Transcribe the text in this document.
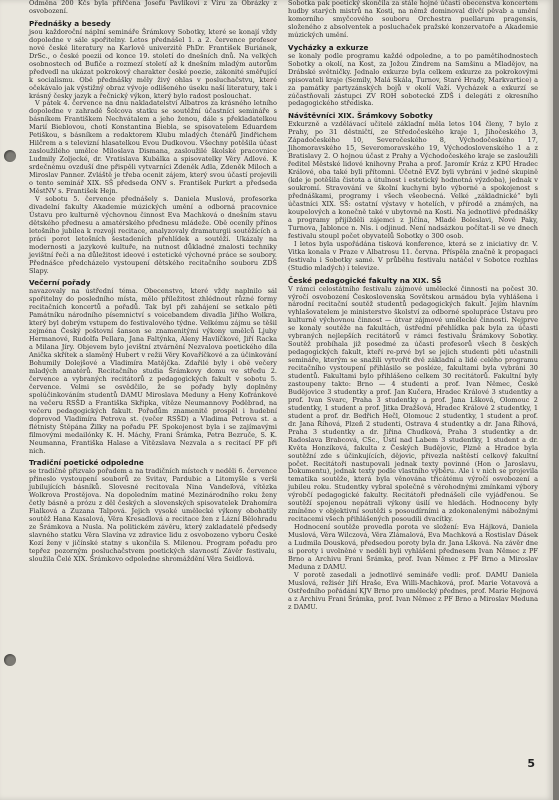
Odměna 200 Kčs byla přiřčena Josefu Pavlíkovi z Víru za Obrázky z osvobození.

Přednášky a besedy

jsou každoroční náplní semináře Šrámkovy Sobotky, které se konají vždy dopoledne v sále spořitelny. Letos přednášel 1. a 2. července profesor nové české literatury na Karlově univerzitě PhDr. František Buriánek, DrSc., o české poezii od konce 19. století do dnešních dnů. Na velkých osobnostech od Bufiče a rozmezí století až k dnešním mladým autorům předvedl na ukázat pokrokový charakter české poezie, zákonité směřující k socialismu. Obě přednášky měly živý ohlas v posluchačstvu, které očekávalo jak výstižný obraz vývoje odlišeného úseku naší literatury, tak i krásný česky jazyk a řečnický výkon, který bylo radost poslouchat.

V pátek 4. července na dnu nakladatelství Albatros za krásného letního dopoledne v zahradě Šolcova statku se soutěžní účastníci semináře s básníkem Františkem Nechvátalem a jeho ženou, dále s překladatelkou Marií Bieblovou, chotí Konstantina Biebla, se spisovatelem Eduardem Petiškou, s básníkem a redaktorem Klubu mladých čtenářů Jindřichem Hilčrem a s televizní hlasatelkou Evou Dudkovou. Všechny potěšila účast zasloužilého umělce Miloslava Dismana, zasloužilé školské pracovnice Ludmily Zoljecké, dr. Vratislava Kubálka a spisovatelky Věry Adlové. K srdečnému ovzduší dne přispěli vytvarníci Zdeněk Adla, Zdeněk Miloch a Miroslav Panner. Zvláště je třeba ocenit zájem, který svou účastí projevili o tento seminář XIX. SŠ předseda ONV s. František Purkrt a předseda MěstNV s. František Hejn.

V sobotu 5. července přednášely s. Daniela Muslová, profesorka divadelní fakulty Akademie múzických umění a odborná pracovnice Ústavu pro kulturně výchovnou činnost Eva Machková o dnešním stavu dětského přednesu a amatérského přednesu mládeže. Obě oceníly přínos letošního jubilea k rozvoji recitace, analyzovaly dramaturgii soutěžících a práci porot letošních šestadeních přehlídek a soutěží. Ukázaly na modernosti a jazykové kultuře, na nutnost důkladné znalosti techniky jevištní řeči a na důležitost ideové i estetické výchovné práce se soubory. Přednášce předcházelo vystoupení dětského recitačního souboru ZDŠ Slapy.

Večerní pořady

navazovaly na ústřední téma. Obecenstvo, které vždy naplnilo sál spořitelny do posledního místa, mělo příležitost zhlédnout různé formy recitačních koncertů a pořadů. Tak byl při zahájení se setkalo pěti Památníku národního písemnictví s voicebandem divadla Jiřího Wolkra, který byl dobrým vstupem do festivalového týdne. Velkému zájmu se těšil zejména Český poštovní šanson se znamenitými výkony umělců Ljuby Hermanové, Rudolfa Pellara, Jana Faltýnka, Aleny Havlíčkové, Jiří Racka a Milana Jíry. Objevem bylo jevištní ztvárnění Nezvalova poetického díla Anička skřítek a slaměný Hubert v režii Věry Kovaříčkové a za účinkování Bohumily Dolejšové a Vladimíra Matějčka. Zdařilé byly i obě večery mladých amatérů. Recitačního studia Šrámkovy domu ve středu 2. července a vybraných recitátorů z pedagogických fakult v sobotu 5. července. Velmi se osvědčilo, že se pořady byly doplněny spolúčinkováním studentů DAMU Miroslava Meduny a Heny Kofránkové na večeru RSŠD a Františka Skřipka, vítěze Neumannovy Poděbrad, na večeru pedagogických fakult. Pořadům znamenitě prospěl i hudební doprovod Vladimíra Petrova st. (večer RSŠD) a Vladima Petrova st. a flétnisty Štěpána Žilky na pořadu PF. Spokojenost byla i se zajímavými filmovými medailónky K. H. Máchy, Frani Šrámka, Petra Bezruče, S. K. Neumanna, Františka Halase a Vítězslava Nezvala a s recitací PF při nich.

Tradiční poetické odpoledne

se tradičně přizvalo pořadem a na tradičních místech v neděli 6. července přineslo vystoupení souborů ze Svitav, Pardubic a Litomyšle s verši jubilujících básníků. Slovesné recitovala Nina Vandeľová, vítězka Wolkrova Prostějova. Na dopoledním matiné Mezinárodního roku ženy četly básně a prózu z děl českých a slovenských spisovatelek Drahomíra Fialková a Zuzana Talpová. Jejich vysoké umělecké výkony obohatily soutěž Hana Kasalová, Věra Kresadlová a recitace žen z Lázní Bělohradu ze Šrámkova a Nusla. Na politickém závěru, který zakladatelé předsedy slavného statku Věra Slavína vz zdravice lidu z osvobozeno vyboru České Kozí ženy v jičínské statny s ukončila S. Milenou. Program pořadu pro tepřez pozorným posluchačstvem poetických slavností Závěr festivalu, sloužila Čelé XIX. Šrámkovo odpoledne shromáždění Věra Seidlová.

Sobotka pak poetický skončila za stále hojné účasti obecenstva koncertem hudby starých mistrů na Kosti, na němž dominoval dívčí pěvab a umění komorního smyčcového souboru Orchestra puellarum pragensis, složeného z absolventek a posluchaček pražské konzervatoře a Akademie múzických umění.

Vycházky a exkurze

se konaly podle programu každé odpoledne, a to po pamětihodnostech Sobotky a okolí, na Kost, za Jožou Zindrem na Samšinu a Mladějov, na Drábské světničky. Jednalo exkurze byla celkem exkurze za pokrokovými spisovateli kraje (Semily, Malá Skála, Turnov, Staré Hrady, Markvartice) a za památky partyzánských bojů v okolí Važí. Vycházek a exkurzí se zúčastňovali zástupci ZV ROH sobotecké ZDŠ i delegáti z okresního pedagogického střediska.

Návštěvníci XIX. Šrámkovy Sobotky

Exkurzně a vzdělávací učitelé základní měla letos 104 členy, 7 bylo z Prahy, po 31 děstničtí, ze Středočeského kraje 1, Jihočeského 3, Západočeského 10, Severočeského 8, Východočeského 17, Jihomoravského 15, Severomoravského 19, Východoslovenského 1 a z Bratislavy 2. O hojnou účast z Prahy a Východočeského kraje se zasloužili ředitel Městské lidové knihovny Praha a prof. Jaromír Kráz z KPÚ Hradec Králové, oba také byli přítomni. Účetně EVZ byli vybráni v jedné skupině (kde je potěšila čistota a útulnost i estetický hodnotná výzdoba), jednak v soukromí. Stravování ve školní kuchyni bylo výborné a spokojenost s přednáškami, programy i všech všeobecná. Velké „základnické“ byli účastníci XIX. SŠ: ostatní výstavy v hotelích, v přírodě a známých, na koupelových a konečně také v ubytovně na Kosti. Na jednotlivé přednášky a programy přijížděli zájemci z Jičína, Mladé Boleslavi, Nové Paky, Turnova, Jablonce n. Nis. i odjinud. Není nadsázkou počítat-li se ve dnech festivalu stoupl počet obyvatelů Sobotky o 300 osob.

I letos byla uspořádána tisková konference, která se z iniciativy dr. V. Vitka konala v Praze v Albatrosu 11. června. Příspěla značně k propagaci festivalu i Sobotky samé. V průběhu festivalu natáčel v Sobotce rozhlas (Studio mladých) i televize.

České pedagogické fakulty na XIX. SŠ

V rámci celostátního festivalu zájmové umělecké činnosti na počest 30. výročí osvobození Československa Sovětskou armádou byla vyhlášena i národní recitační soutěž studentů pedagogických fakult. Jejím hlavním vyhlašovatelem je ministerstvo školství za odborné spolupráce Ústavu pro kulturně výchovnou činnost — útvar zájmové umělecké činnosti. Nejprve se konaly soutěže na fakultách, ústřední přehlídka pak byla za účasti vybraných nejlepších recitátorů v rámci festivalu Šrámkovy Sobotky. Soutěž probíhala již posedmé za účasti profesorů všech 8 českých pedagogických fakult, kteří re-prvé byl se jejich studenti pěti učastnili semináře, kterým se snažili vytvořit dvě základní a lidé celého programu recitačního vystoupení přihlásilo se posléze, fakultami byla vybráni 30 studentů. Fakultami bylo přihlášeno celkem 30 recitátorů. Fakultní byly zastoupeny takto: Brno — 4 studenti a prof. Ivan Němec, České Budějovice 3 studentky a prof. Jan Kučera, Hradec Králové 3 studentky a prof. Ivan Svarc, Praha 3 studentky a prof. Jana Lšková, Olomouc 2 studentky, 1 student a prof. Jitka Dražšová, Hradec Králové 2 studentky, 1 student a prof. dr. Bedřich Hečl, Olomouc 2 studentky, 1 student a prof. dr. Jana Říhová, Plzeň 2 studenti, Ostrava 4 studentky a dr. Jana Říhová, Praha 3 studentky a dr. Jiřina Chudková, Praha 3 studentky a dr. Radoslava Brabcová, CSc., Ústí nad Labem 3 studentky, 1 student a dr. Květa Honzíková, fakulta z Českých Budějovic, Plzně a Hradce byla soutěžní zde s účinkujících, dějovic, přivezla naštěstí celkový fakultní počet. Recitátoři nastupovali jednak texty povinné (Hon o Jaroslavu, Dokumentu), jednak texty podle vlastního výběru. Ale i v nich se projevila tematika soutěže, která byla věnována třicátému výročí osvobození a jubileu roku. Studentky vybral společně s věrohodnými zmínkami výbory výrobčí pedagogické fakulty. Recitátoři přednášeli cíle vyjádřenou. Se soutěží spojenou nepátrali výkony úsilí ve hledách. Hodnoceny byly zmíněno v objektivní soutěži s posoudírními a zdokonalenými nábožnými recitacemi všech přihlášených posoudili dvacítky.

Hodnocení soutěže provedla porota ve složení: Eva Hájková, Daniela Muslová, Věra Wilczová, Věra Zlámalová, Eva Machková a Rostislav Ďásek a Ludmila Dousková, předsedou poroty byla dr. Jana Lšková. Na závěr dne si poroty i uvolněné v neděli byli vyhlášeni přednesem Ivan Němec z PF Brno a Archivu Frani Šrámka, prof. Ivan Němec z PF Brno a Miroslav Meduna z DAMU.

V porotě zasedali a jednotlivé semináře vedli: prof. DAMU Daniela Muslová, režisér Jiří Hraše, Eva Willi-Machková, prof. Marie Votavová a Ostředního pořádání KJV Brno pro umělecký přednes, prof. Marie Hejnová a z Archivu Frani Šrámka, prof. Ivan Němec z PF Brno a Miroslav Meduna z DAMU.

5
